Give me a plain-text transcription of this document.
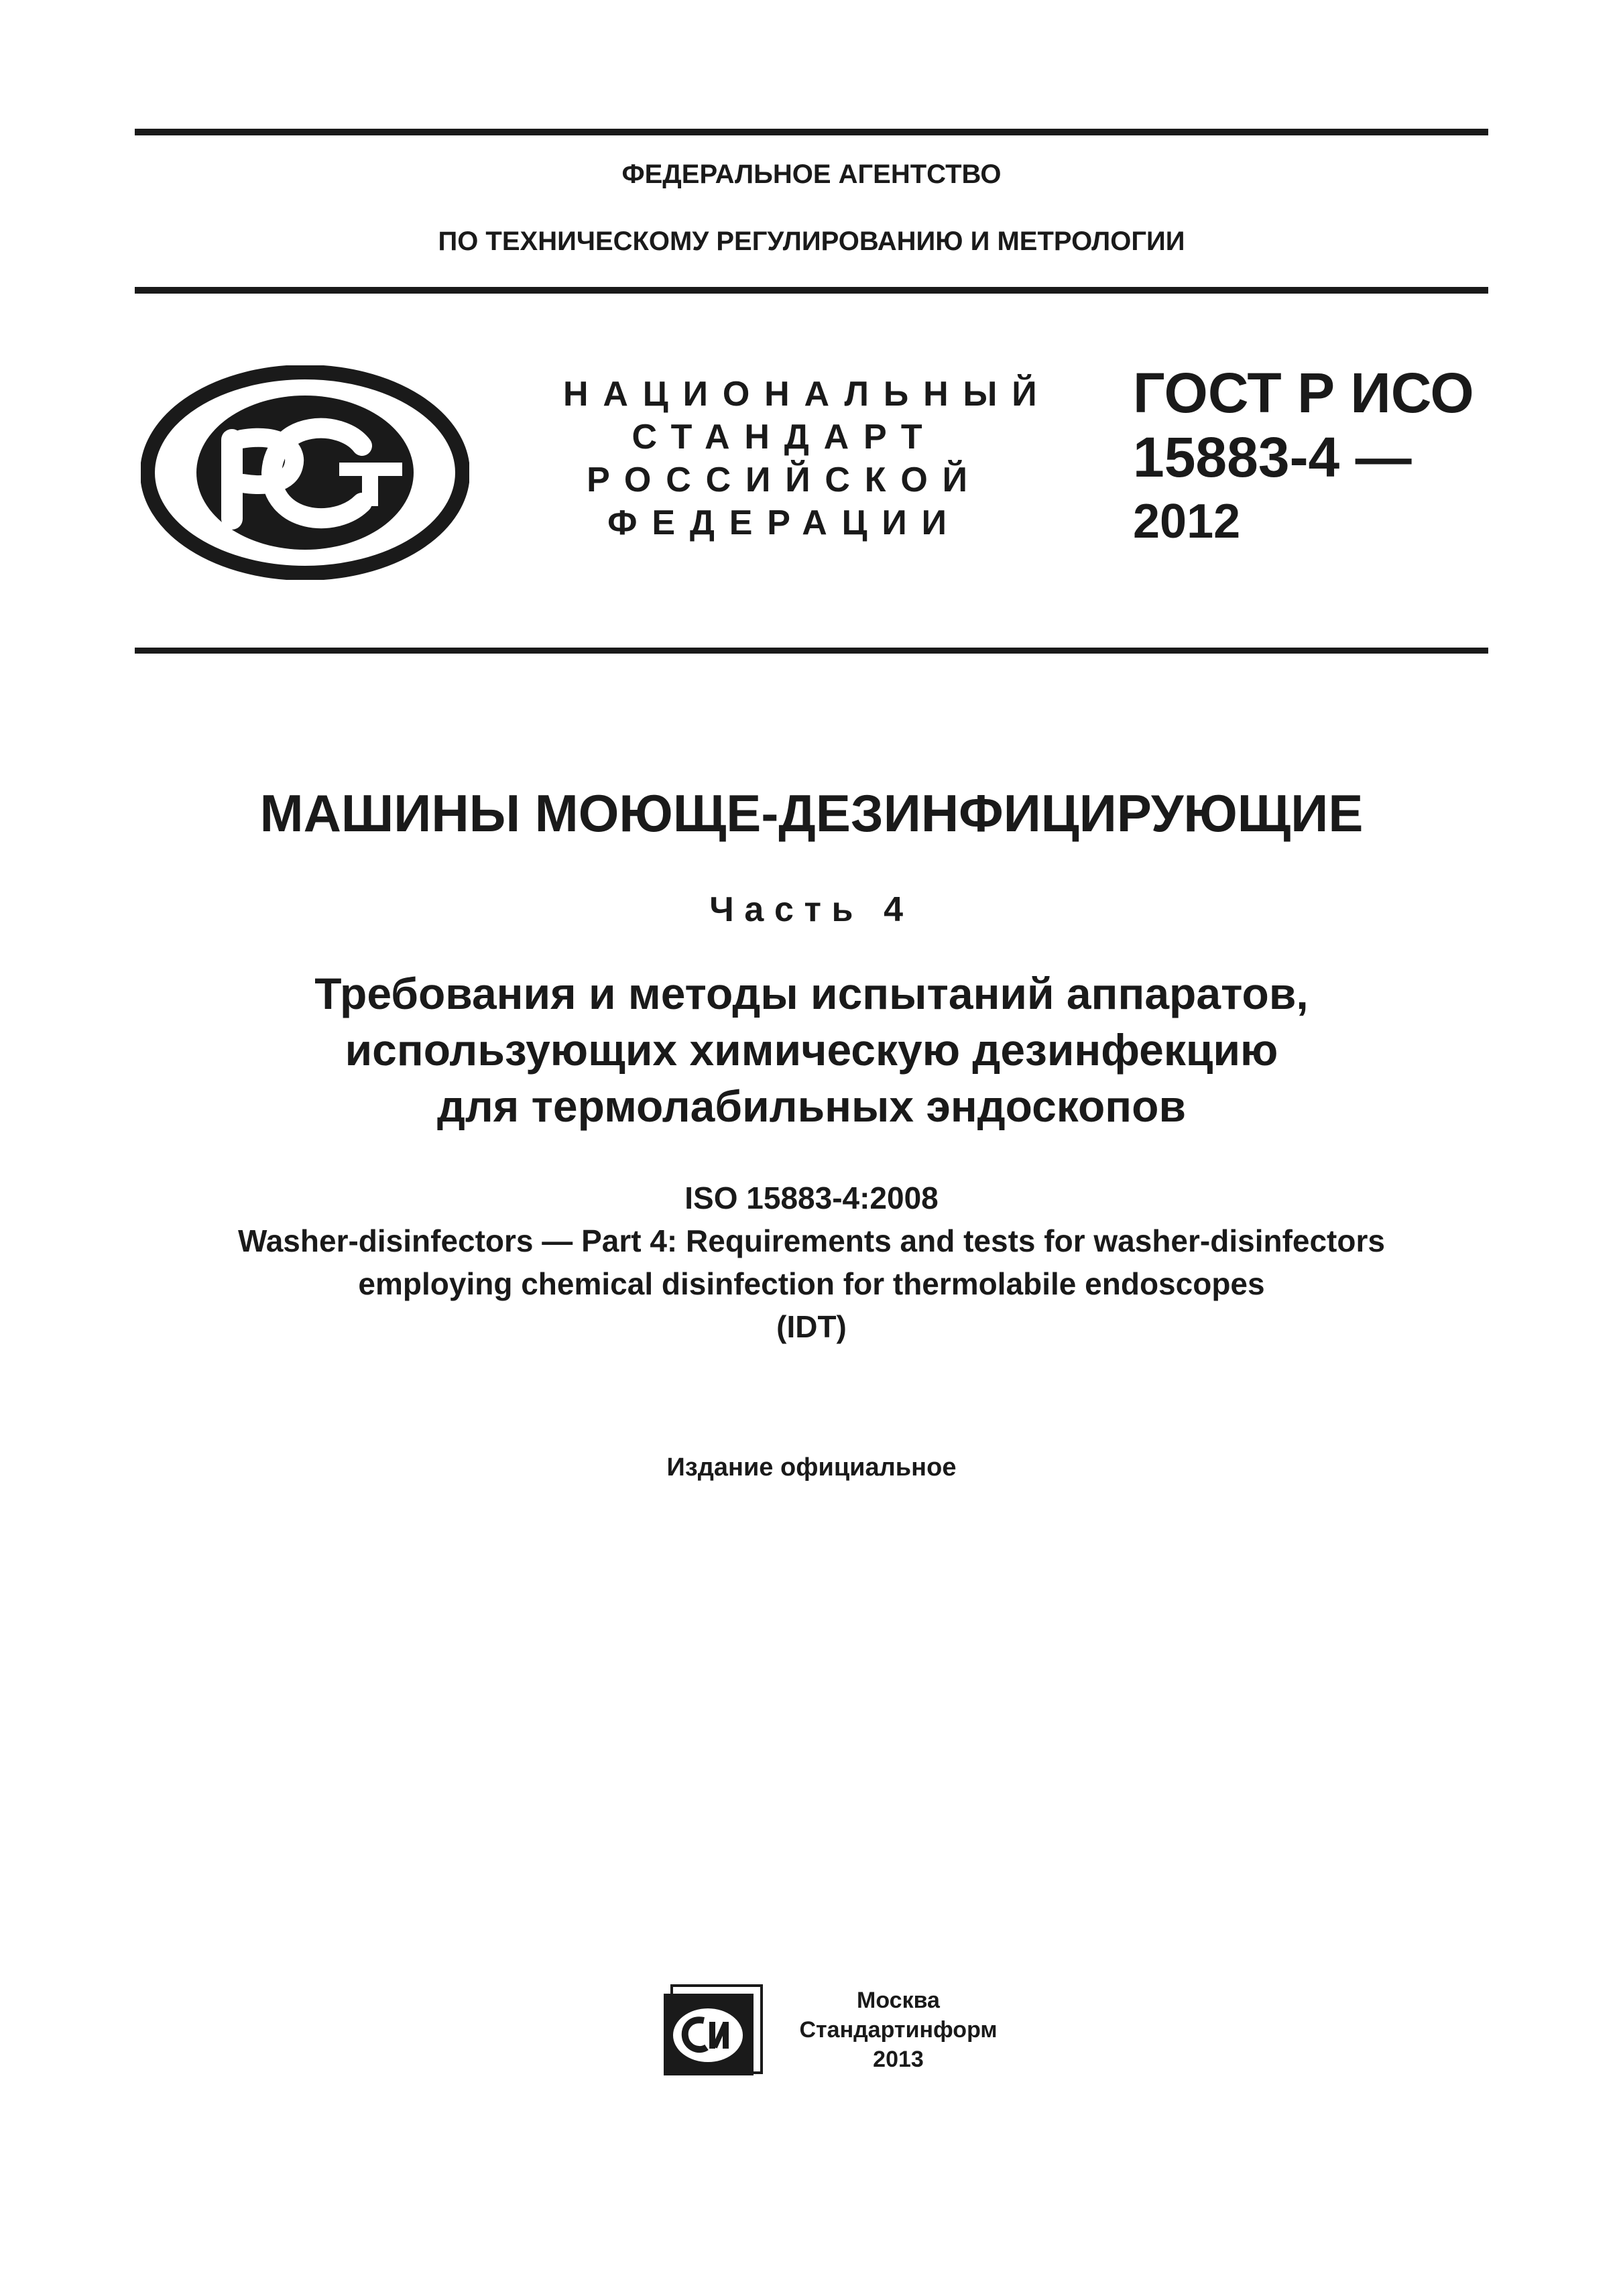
ФЕДЕРАЛЬНОЕ АГЕНТСТВО
ПО ТЕХНИЧЕСКОМУ РЕГУЛИРОВАНИЮ И МЕТРОЛОГИИ
НАЦИОНАЛЬНЫЙ
СТАНДАРТ
РОССИЙСКОЙ
ФЕДЕРАЦИИ
ГОСТ Р ИСО
15883-4 —
2012
МАШИНЫ МОЮЩЕ-ДЕЗИНФИЦИРУЮЩИЕ
Часть 4
Требования и методы испытаний аппаратов,
использующих химическую дезинфекцию
для термолабильных эндоскопов
ISO 15883-4:2008
Washer-disinfectors — Part 4: Requirements and tests for washer-disinfectors
employing chemical disinfection for thermolabile endoscopes
(IDT)
Издание официальное
Москва
Стандартинформ
2013
